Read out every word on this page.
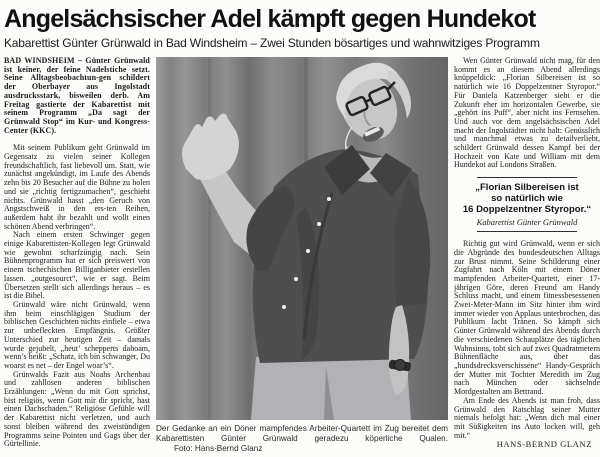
Angelsächsischer Adel kämpft gegen Hundekot
Kabarettist Günter Grünwald in Bad Windsheim – Zwei Stunden bösartiges und wahnwitziges Programm

BAD WINDSHEIM – Günter Grünwald ist keiner, der feine Nadelstiche setzt. Seine Alltagsbeobachtun-gen schildert der Oberbayer aus Ingolstadt ausdrucksstark, bisweilen derb. Am Freitag gastierte der Kabarettist mit seinem Programm „Da sagt der Grünwald Stop“ im Kur- und Kongress-Center (KKC).

Mit seinem Publikum geht Grünwald im Gegensatz zu vielen seiner Kollegen freundschaftlich, fast liebevoll um. Statt, wie zunächst angekündigt, im Laufe des Abends zehn bis 20 Besucher auf die Bühne zu holen und sie „richtig fertigzumachen“, geschieht nichts. Grünwald hasst „den Geruch von Angstschweiß in den ers-ten Reihen, außerdem habt ihr bezahlt und wollt einen schönen Abend verbringen“.

Nach einem ersten Schwinger gegen einige Kabarettisten-Kollegen legt Grünwald wie gewohnt scharfzüngig nach. Sein Bühnenprogramm hat er sich preiswert von einem tschechischen Billiganbieter erstellen lassen. „outgesourct“, wie er sagt. Beim Übersetzen stellt sich allerdings heraus – es ist die Bibel.

Grünwald wäre nicht Grünwald, wenn ihm beim einschlägigen Studium der biblischen Geschichten nichts einfiele – etwa zur unbefleckten Empfängnis. Größter Unterschied zur heutigen Zeit – damals wurde gejubelt, „heut’ schepperts dahoam, wenn’s heißt: „Schatz, ich bin schwanger, Du woarst es net – der Engel woar’s“.

Grünwalds Fazit aus Noahs Archenbau und zahllosen anderen biblischen Erzählungen: „Wenn du mit Gott sprichst, bist religiös, wenn Gott mir dir spricht, hast einen Dachschaden.“ Religiöse Gefühle will der Kabarettist nicht verletzen, und auch sonst bleiben während des zweistündigen Programms seine Pointen und Gags über der Gürtellinie.

Der Gedanke an ein Döner mampfendes Arbeiter-Quartett im Zug bereitet dem Kabarettisten Günter Grünwald geradezu köperliche Qualen. Foto: Hans-Bernd Glanz

Wen Günter Grünwald nicht mag, für den kommt es an diesem Abend allerdings knüppeldick: „Florian Silbereisen ist so natürlich wie 16 Doppelzentner Styropor.“ Für Daniela Katzenberger sieht er die Zukunft eher im horizontalen Gewerbe, sie „gehört ins Puff“, aber nicht ins Fernsehen. Und auch vor dem angelsächsischen Adel macht der Ingolstädter nicht halt: Genüsslich und manchmal etwas zu detailverliebt, schildert Grünwald dessen Kampf bei der Hochzeit von Kate und William mit dem Hundekot auf Londons Straßen.

„Florian Silbereisen ist
so natürlich wie
16 Doppelzentner Styropor.“
Kabarettist Günter Grünwald

Richtig gut wird Grünwald, wenn er sich die Abgründe des bundesdeutschen Alltags zur Brust nimmt. Seine Schilderung einer Zugfahrt nach Köln mit einem Döner mampfenden Arbeiter-Quartett, einer 17-jährigen Göre, deren Freund am Handy Schluss macht, und einem fitnessbesessenen Zwei-Meter-Mann im Sitz hinter ihm wird immer wieder von Applaus unterbrochen, das Publikum lacht Tränen. So kämpft sich Günter Grünwald während des Abends durch die verschiedenen Schauplätze des täglichen Wahnsinns, tobt sich auf zwei Quadratmetern Bühnenfläche aus, über das „hundsdrecksverschissene“ Handy-Gespräch der Mutter mit Tochter Meredith im Zug nach München oder sächselnde Mordgestalten am Bettrand.

Am Ende des Abends ist man froh, dass Grünwald den Ratschlag seiner Mutter niemals befolgt hat: „Wenn dich mal einer mit Süßigkeiten ins Auto locken will, geh mit.“

HANS-BERND GLANZ
